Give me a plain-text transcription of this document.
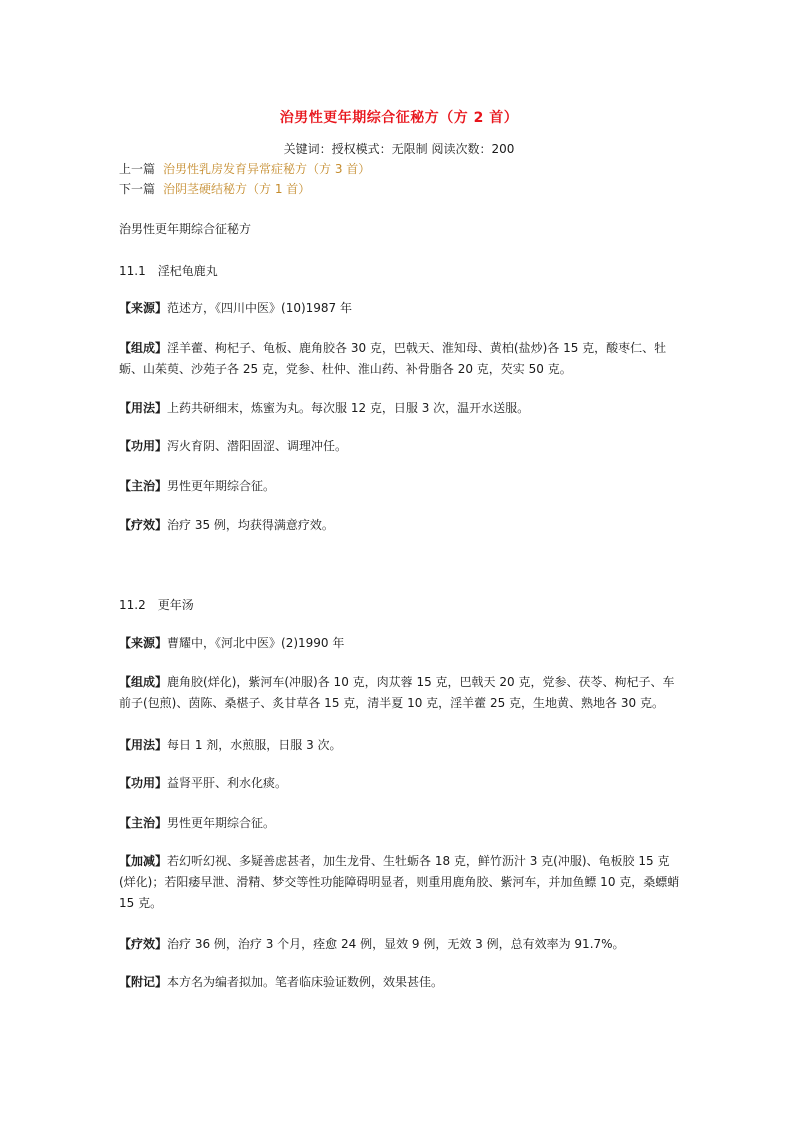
治男性更年期综合征秘方（方 2 首）
关键词：授权模式：无限制 阅读次数：200
上一篇 治男性乳房发育异常症秘方（方 3 首）
下一篇 治阴茎硬结秘方（方 1 首）
治男性更年期综合征秘方
11.1　淫杞龟鹿丸
【来源】范述方，《四川中医》(10)1987 年
【组成】淫羊藿、枸杞子、龟板、鹿角胶各 30 克，巴戟天、淮知母、黄柏(盐炒)各 15 克，酸枣仁、牡蛎、山茱萸、沙苑子各 25 克，党参、杜仲、淮山药、补骨脂各 20 克，芡实 50 克。
【用法】上药共研细末，炼蜜为丸。每次服 12 克，日服 3 次，温开水送服。
【功用】泻火育阴、潜阳固涩、调理冲任。
【主治】男性更年期综合征。
【疗效】治疗 35 例，均获得满意疗效。
11.2　更年汤
【来源】曹耀中，《河北中医》(2)1990 年
【组成】鹿角胶(烊化)，紫河车(冲服)各 10 克，肉苁蓉 15 克，巴戟天 20 克，党参、茯苓、枸杞子、车前子(包煎)、茵陈、桑椹子、炙甘草各 15 克，清半夏 10 克，淫羊藿 25 克，生地黄、熟地各 30 克。
【用法】每日 1 剂，水煎服，日服 3 次。
【功用】益肾平肝、利水化痰。
【主治】男性更年期综合征。
【加减】若幻听幻视、多疑善虑甚者，加生龙骨、生牡蛎各 18 克，鲜竹沥汁 3 克(冲服)、龟板胶 15 克(烊化)；若阳痿早泄、滑精、梦交等性功能障碍明显者，则重用鹿角胶、紫河车，并加鱼鳔 10 克，桑螵蛸 15 克。
【疗效】治疗 36 例，治疗 3 个月，痊愈 24 例，显效 9 例，无效 3 例，总有效率为 91.7%。
【附记】本方名为编者拟加。笔者临床验证数例，效果甚佳。
